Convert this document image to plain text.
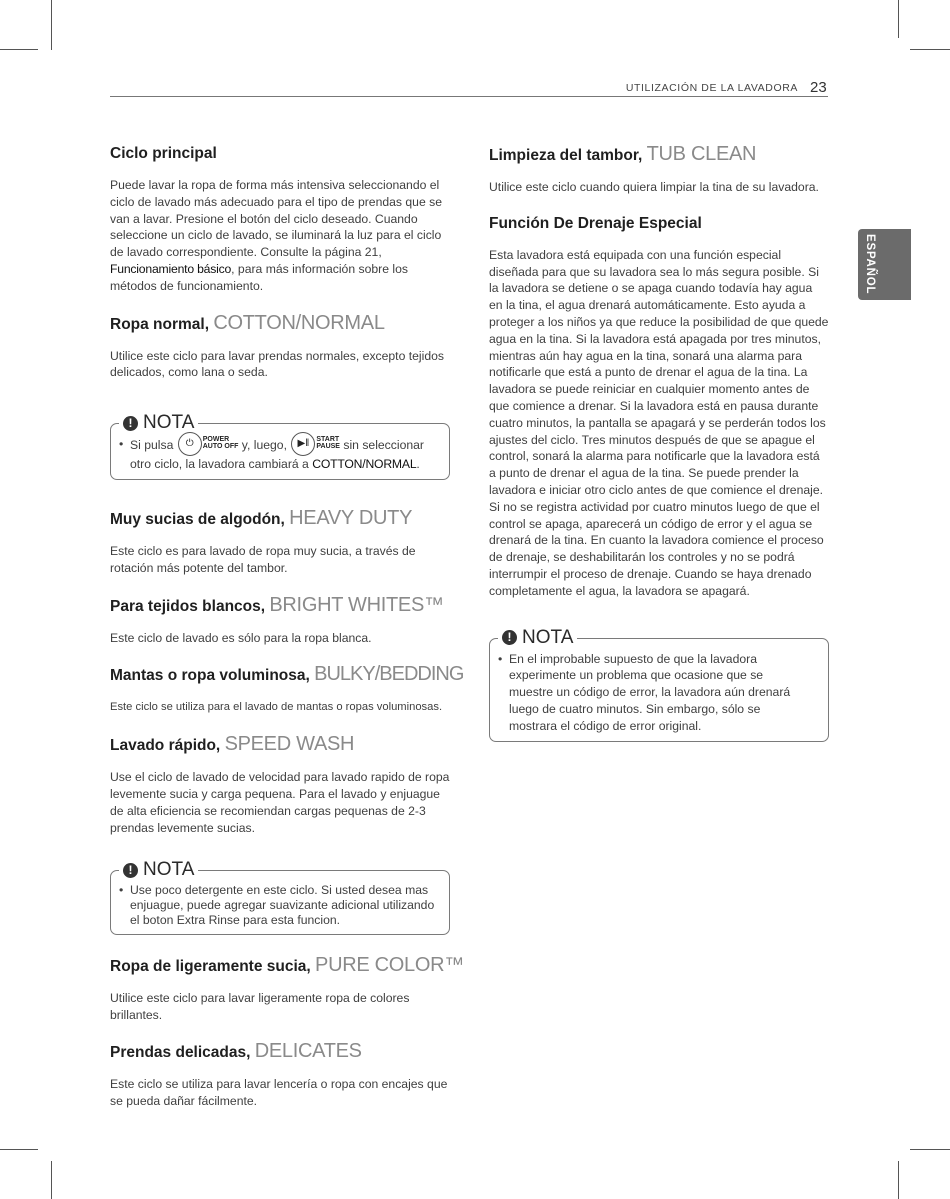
UTILIZACIÓN DE LA LAVADORA 23
ESPAÑOL
Ciclo principal

Puede lavar la ropa de forma más intensiva seleccionando el ciclo de lavado más adecuado para el tipo de prendas que se van a lavar. Presione el botón del ciclo deseado. Cuando seleccione un ciclo de lavado, se iluminará la luz para el ciclo de lavado correspondiente. Consulte la página 21, Funcionamiento básico, para más información sobre los métodos de funcionamiento.

Ropa normal, COTTON/NORMAL

Utilice este ciclo para lavar prendas normales, excepto tejidos delicados, como lana o seda.

! NOTA
• Si pulsa ⏻ POWER
AUTO OFF y, luego, ▶‖ START
PAUSE sin seleccionar otro ciclo, la lavadora cambiará a COTTON/NORMAL.
Muy sucias de algodón, HEAVY DUTY

Este ciclo es para lavado de ropa muy sucia, a través de rotación más potente del tambor.

Para tejidos blancos, BRIGHT WHITES™

Este ciclo de lavado es sólo para la ropa blanca.

Mantas o ropa voluminosa, BULKY/BEDDING

Este ciclo se utiliza para el lavado de mantas o ropas voluminosas.

Lavado rápido, SPEED WASH

Use el ciclo de lavado de velocidad para lavado rapido de ropa levemente sucia y carga pequena. Para el lavado y enjuague de alta eficiencia se recomiendan cargas pequenas de 2-3 prendas levemente sucias.

! NOTA
• Use poco detergente en este ciclo. Si usted desea mas enjuague, puede agregar suavizante adicional utilizando el boton Extra Rinse para esta funcion.
Ropa de ligeramente sucia, PURE COLOR™

Utilice este ciclo para lavar ligeramente ropa de colores brillantes.

Prendas delicadas, DELICATES

Este ciclo se utiliza para lavar lencería o ropa con encajes que se pueda dañar fácilmente.

Limpieza del tambor, TUB CLEAN

Utilice este ciclo cuando quiera limpiar la tina de su lavadora.

Función De Drenaje Especial

Esta lavadora está equipada con una función especial diseñada para que su lavadora sea lo más segura posible. Si la lavadora se detiene o se apaga cuando todavía hay agua en la tina, el agua drenará automáticamente. Esto ayuda a proteger a los niños ya que reduce la posibilidad de que quede agua en la tina. Si la lavadora está apagada por tres minutos, mientras aún hay agua en la tina, sonará una alarma para notificarle que está a punto de drenar el agua de la tina. La lavadora se puede reiniciar en cualquier momento antes de que comience a drenar. Si la lavadora está en pausa durante cuatro minutos, la pantalla se apagará y se perderán todos los ajustes del ciclo. Tres minutos después de que se apague el control, sonará la alarma para notificarle que la lavadora está a punto de drenar el agua de la tina. Se puede prender la lavadora e iniciar otro ciclo antes de que comience el drenaje.

Si no se registra actividad por cuatro minutos luego de que el control se apaga, aparecerá un código de error y el agua se drenará de la tina. En cuanto la lavadora comience el proceso de drenaje, se deshabilitarán los controles y no se podrá interrumpir el proceso de drenaje. Cuando se haya drenado completamente el agua, la lavadora se apagará.

! NOTA
• En el improbable supuesto de que la lavadora experimente un problema que ocasione que se muestre un código de error, la lavadora aún drenará luego de cuatro minutos. Sin embargo, sólo se mostrara el código de error original.
